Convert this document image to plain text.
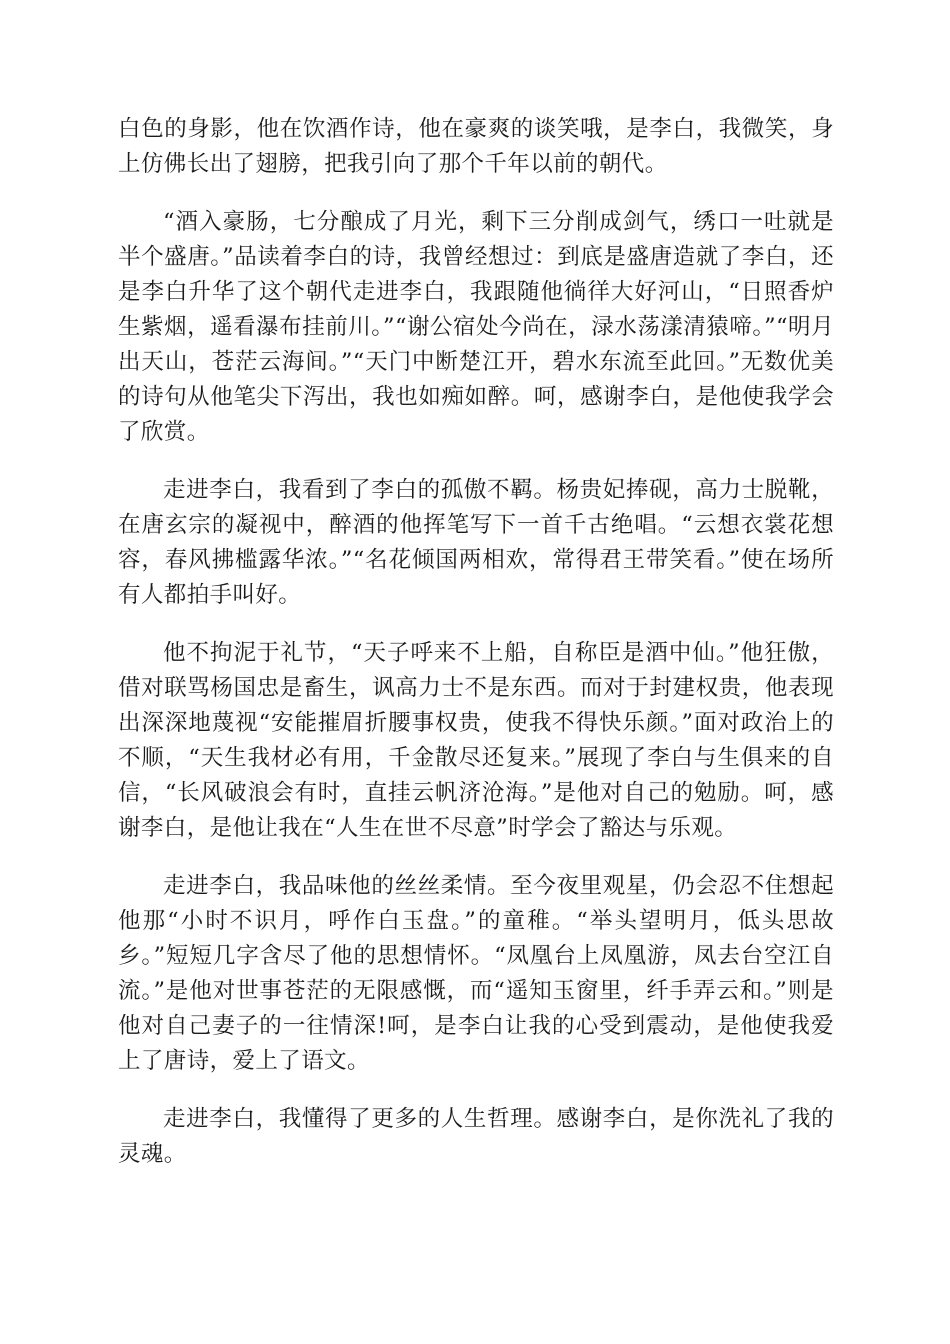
白色的身影，他在饮酒作诗，他在豪爽的谈笑哦，是李白，我微笑，身上仿佛长出了翅膀，把我引向了那个千年以前的朝代。

“酒入豪肠，七分酿成了月光，剩下三分削成剑气，绣口一吐就是半个盛唐。”品读着李白的诗，我曾经想过：到底是盛唐造就了李白，还是李白升华了这个朝代走进李白，我跟随他徜徉大好河山，“日照香炉生紫烟，遥看瀑布挂前川。”“谢公宿处今尚在，渌水荡漾清猿啼。”“明月出天山，苍茫云海间。”“天门中断楚江开，碧水东流至此回。”无数优美的诗句从他笔尖下泻出，我也如痴如醉。呵，感谢李白，是他使我学会了欣赏。

走进李白，我看到了李白的孤傲不羁。杨贵妃捧砚，高力士脱靴，在唐玄宗的凝视中，醉酒的他挥笔写下一首千古绝唱。“云想衣裳花想容，春风拂槛露华浓。”“名花倾国两相欢，常得君王带笑看。”使在场所有人都拍手叫好。

他不拘泥于礼节，“天子呼来不上船，自称臣是酒中仙。”他狂傲，借对联骂杨国忠是畜生，讽高力士不是东西。而对于封建权贵，他表现出深深地蔑视“安能摧眉折腰事权贵，使我不得快乐颜。”面对政治上的不顺，“天生我材必有用，千金散尽还复来。”展现了李白与生俱来的自信，“长风破浪会有时，直挂云帆济沧海。”是他对自己的勉励。呵，感谢李白，是他让我在“人生在世不尽意”时学会了豁达与乐观。

走进李白，我品味他的丝丝柔情。至今夜里观星，仍会忍不住想起他那“小时不识月，呼作白玉盘。”的童稚。“举头望明月，低头思故乡。”短短几字含尽了他的思想情怀。“凤凰台上凤凰游，凤去台空江自流。”是他对世事苍茫的无限感慨，而“遥知玉窗里，纤手弄云和。”则是他对自己妻子的一往情深!呵，是李白让我的心受到震动，是他使我爱上了唐诗，爱上了语文。

走进李白，我懂得了更多的人生哲理。感谢李白，是你洗礼了我的灵魂。
